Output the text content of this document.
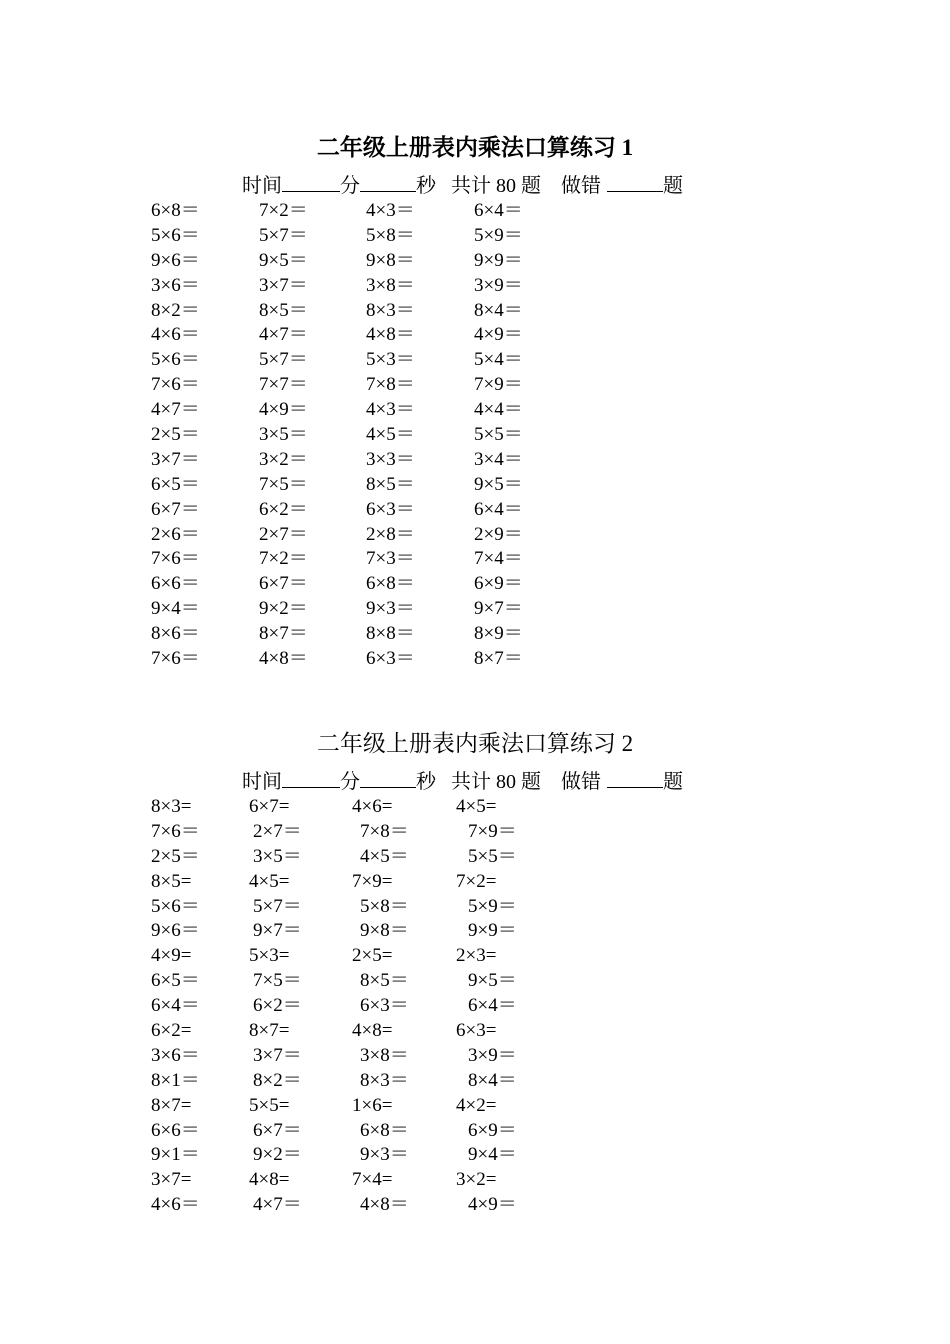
二年级上册表内乘法口算练习 1
时间	分	秒 共计 80 题 做错	题
6×8＝	7×2＝	4×3＝	6×4＝
5×6＝	5×7＝	5×8＝	5×9＝
9×6＝	9×5＝	9×8＝	9×9＝
3×6＝	3×7＝	3×8＝	3×9＝
8×2＝	8×5＝	8×3＝	8×4＝
4×6＝	4×7＝	4×8＝	4×9＝
5×6＝	5×7＝	5×3＝	5×4＝
7×6＝	7×7＝	7×8＝	7×9＝
4×7＝	4×9＝	4×3＝	4×4＝
2×5＝	3×5＝	4×5＝	5×5＝
3×7＝	3×2＝	3×3＝	3×4＝
6×5＝	7×5＝	8×5＝	9×5＝
6×7＝	6×2＝	6×3＝	6×4＝
2×6＝	2×7＝	2×8＝	2×9＝
7×6＝	7×2＝	7×3＝	7×4＝
6×6＝	6×7＝	6×8＝	6×9＝
9×4＝	9×2＝	9×3＝	9×7＝
8×6＝	8×7＝	8×8＝	8×9＝
7×6＝	4×8＝	6×3＝	8×7＝
二年级上册表内乘法口算练习 2
时间	分	秒 共计 80 题 做错	题
8×3=	6×7=	4×6=	4×5=
7×6＝	2×7＝	7×8＝	7×9＝
2×5＝	3×5＝	4×5＝	5×5＝
8×5=	4×5=	7×9=	7×2=
5×6＝	5×7＝	5×8＝	5×9＝
9×6＝	9×7＝	9×8＝	9×9＝
4×9=	5×3=	2×5=	2×3=
6×5＝	7×5＝	8×5＝	9×5＝
6×4＝	6×2＝	6×3＝	6×4＝
6×2=	8×7=	4×8=	6×3=
3×6＝	3×7＝	3×8＝	3×9＝
8×1＝	8×2＝	8×3＝	8×4＝
8×7=	5×5=	1×6=	4×2=
6×6＝	6×7＝	6×8＝	6×9＝
9×1＝	9×2＝	9×3＝	9×4＝
3×7=	4×8=	7×4=	3×2=
4×6＝	4×7＝	4×8＝	4×9＝
